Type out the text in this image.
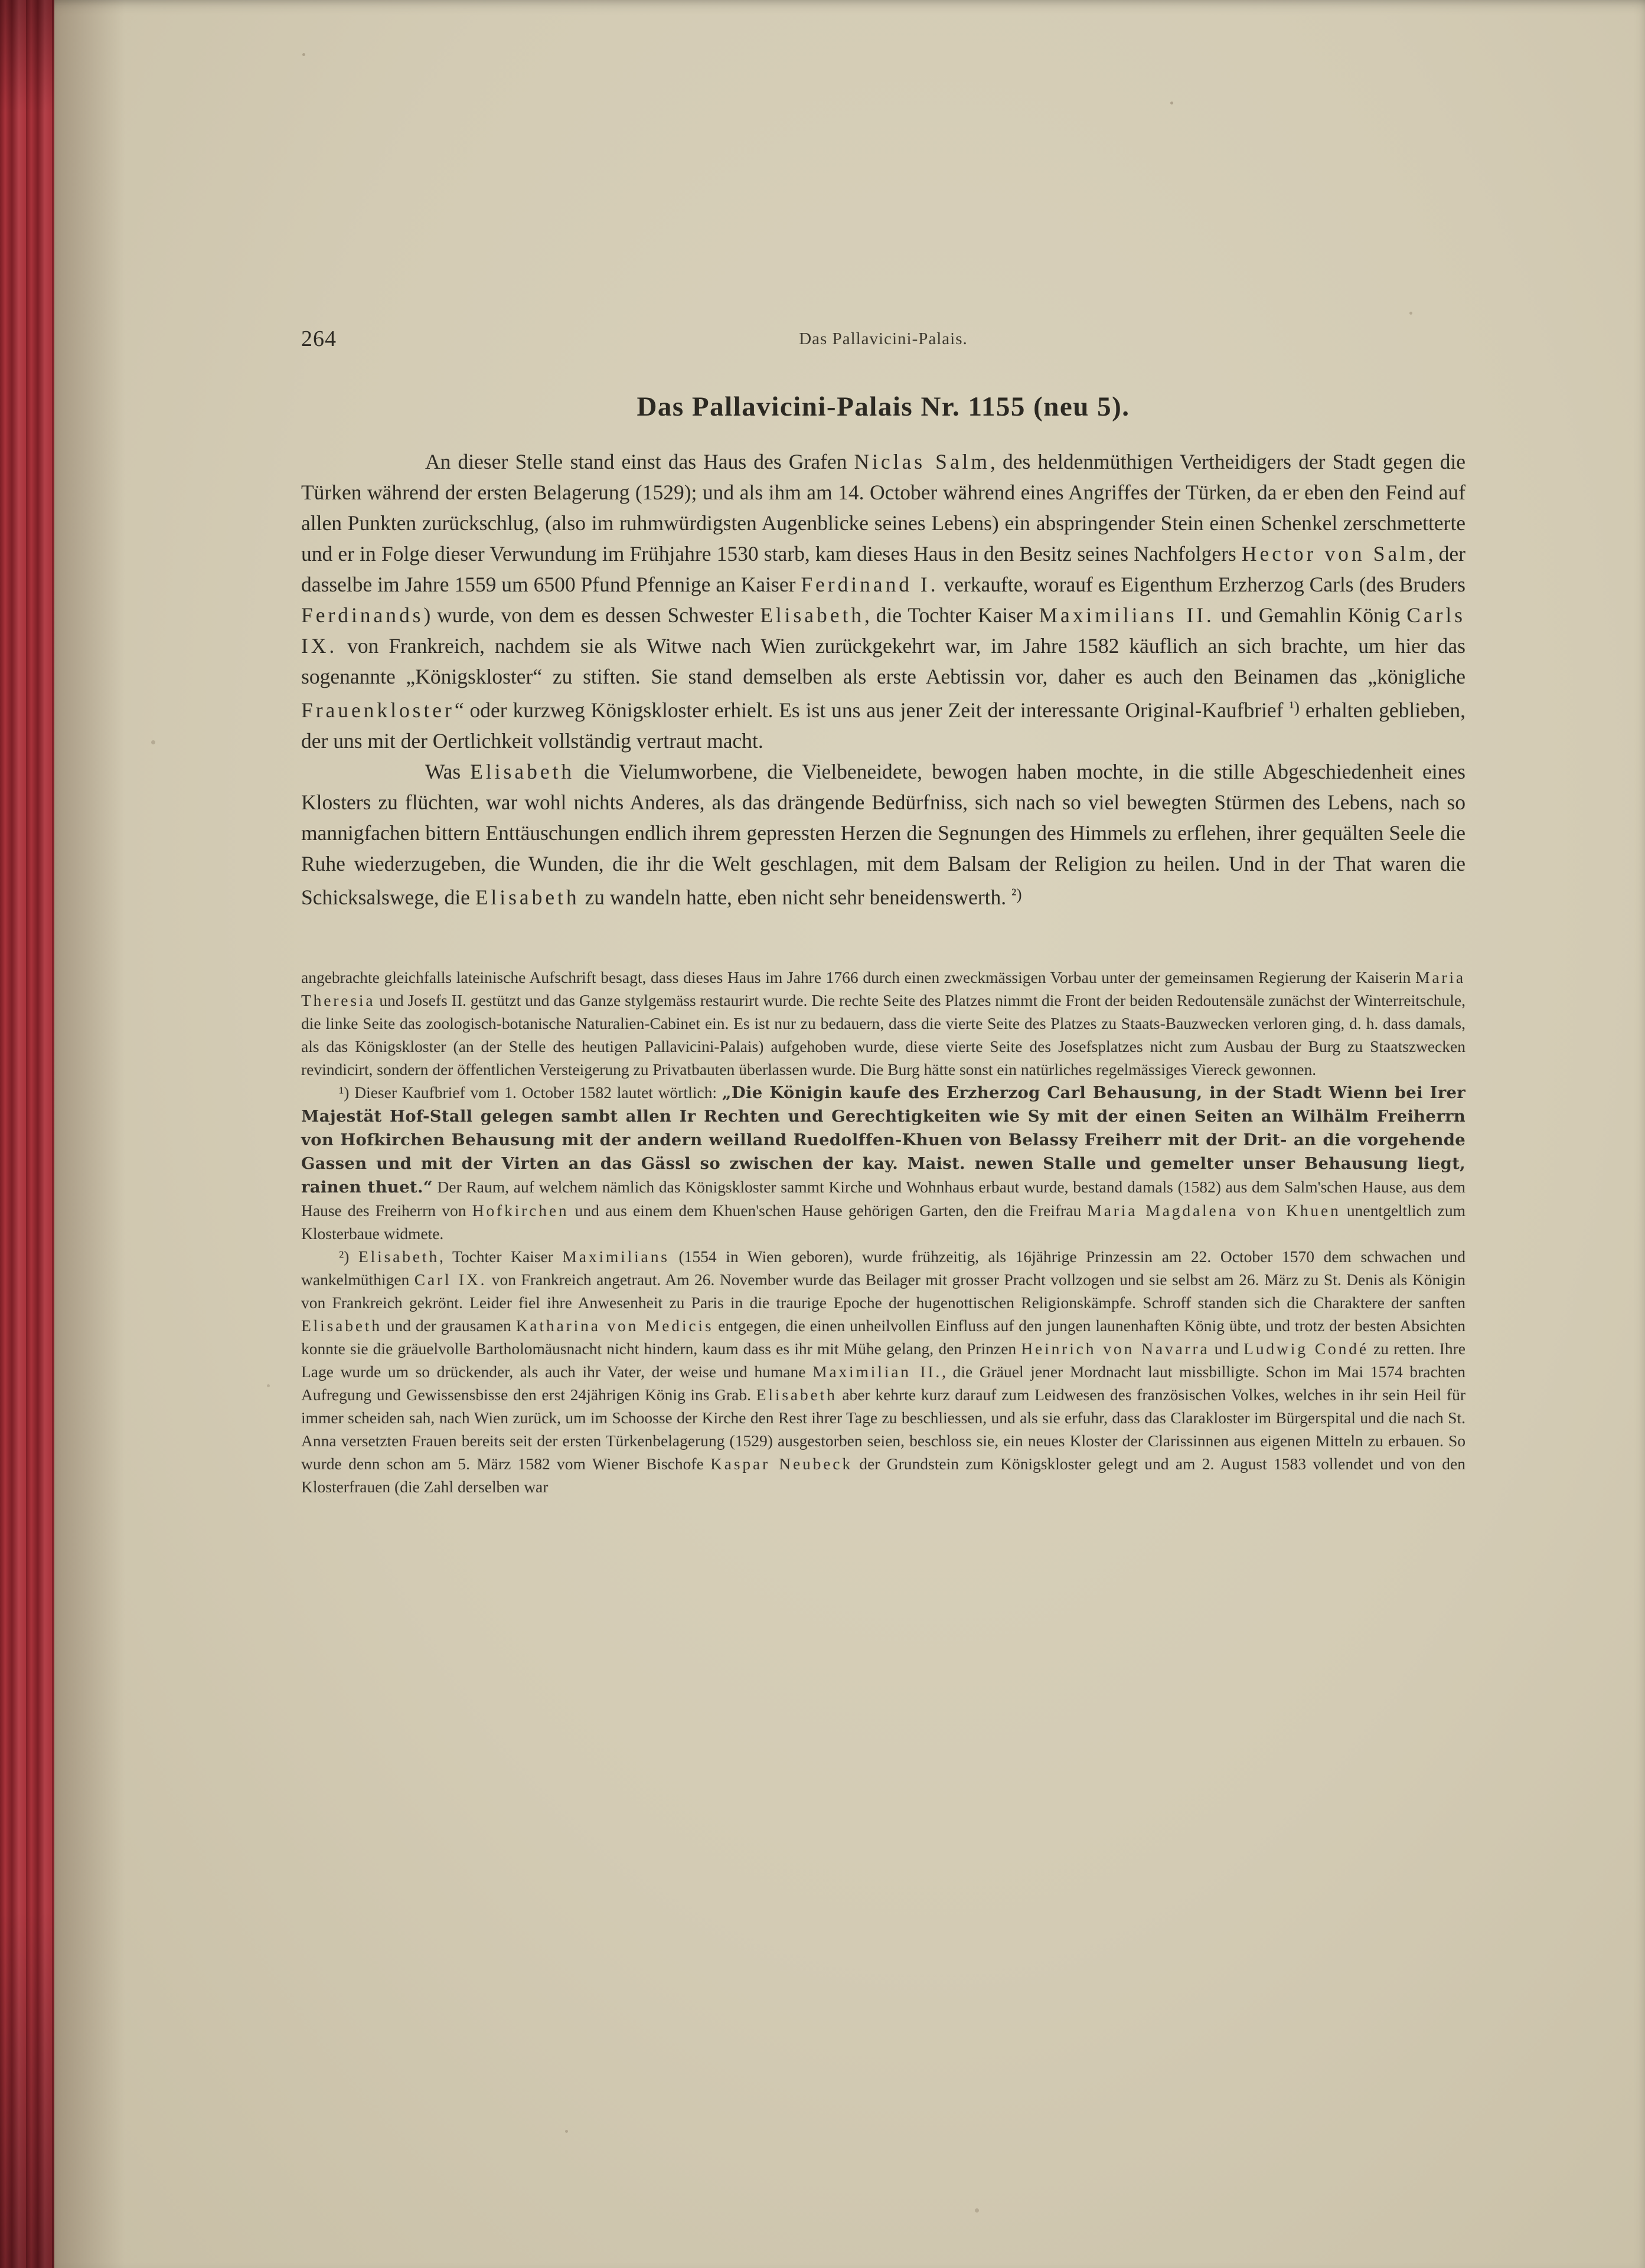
264	Das Pallavicini-Palais.
Das Pallavicini-Palais Nr. 1155 (neu 5).

An dieser Stelle stand einst das Haus des Grafen Niclas Salm, des heldenmüthigen Vertheidigers der Stadt gegen die Türken während der ersten Belagerung (1529); und als ihm am 14. October während eines Angriffes der Türken, da er eben den Feind auf allen Punkten zurückschlug, (also im ruhmwürdigsten Augenblicke seines Lebens) ein abspringender Stein einen Schenkel zerschmetterte und er in Folge dieser Verwundung im Frühjahre 1530 starb, kam dieses Haus in den Besitz seines Nachfolgers Hector von Salm, der dasselbe im Jahre 1559 um 6500 Pfund Pfennige an Kaiser Ferdinand I. verkaufte, worauf es Eigenthum Erzherzog Carls (des Bruders Ferdinands) wurde, von dem es dessen Schwester Elisabeth, die Tochter Kaiser Maximilians II. und Gemahlin König Carls IX. von Frankreich, nachdem sie als Witwe nach Wien zurückgekehrt war, im Jahre 1582 käuflich an sich brachte, um hier das sogenannte „Königskloster“ zu stiften. Sie stand demselben als erste Aebtissin vor, daher es auch den Beinamen das „königliche Frauenkloster“ oder kurzweg Königskloster erhielt. Es ist uns aus jener Zeit der interessante Original-Kaufbrief $^{^1)}$ erhalten geblieben, der uns mit der Oertlichkeit vollständig vertraut macht.

Was Elisabeth die Vielumworbene, die Vielbeneidete, bewogen haben mochte, in die stille Abgeschiedenheit eines Klosters zu flüchten, war wohl nichts Anderes, als das drängende Bedürfniss, sich nach so viel bewegten Stürmen des Lebens, nach so mannigfachen bittern Enttäuschungen endlich ihrem gepressten Herzen die Segnungen des Himmels zu erflehen, ihrer gequälten Seele die Ruhe wiederzugeben, die Wunden, die ihr die Welt geschlagen, mit dem Balsam der Religion zu heilen. Und in der That waren die Schicksalswege, die Elisabeth zu wandeln hatte, eben nicht sehr beneidenswerth. $^{^2)}$

angebrachte gleichfalls lateinische Aufschrift besagt, dass dieses Haus im Jahre 1766 durch einen zweckmässigen Vorbau unter der gemeinsamen Regierung der Kaiserin Maria Theresia und Josefs II. gestützt und das Ganze stylgemäss restaurirt wurde. Die rechte Seite des Platzes nimmt die Front der beiden Redoutensäle zunächst der Winterreitschule, die linke Seite das zoologisch-botanische Naturalien-Cabinet ein. Es ist nur zu bedauern, dass die vierte Seite des Platzes zu Staats-Bauzwecken verloren ging, d. h. dass damals, als das Königskloster (an der Stelle des heutigen Pallavicini-Palais) aufgehoben wurde, diese vierte Seite des Josefsplatzes nicht zum Ausbau der Burg zu Staatszwecken revindicirt, sondern der öffentlichen Versteigerung zu Privatbauten überlassen wurde. Die Burg hätte sonst ein natürliches regelmässiges Viereck gewonnen.

¹) Dieser Kaufbrief vom 1. October 1582 lautet wörtlich: „Die Königin kaufe des Erzherzog Carl Behausung, in der Stadt Wienn bei Irer Majestät Hof-Stall gelegen sambt allen Ir Rechten und Gerechtigkeiten wie Sy mit der einen Seiten an Wilhälm Freiherrn von Hofkirchen Behausung mit der andern weilland Ruedolffen-Khuen von Belassy Freiherr mit der Drit- an die vorgehende Gassen und mit der Virten an das Gässl so zwischen der kay. Maist. newen Stalle und gemelter unser Behausung liegt, rainen thuet.“ Der Raum, auf welchem nämlich das Königskloster sammt Kirche und Wohnhaus erbaut wurde, bestand damals (1582) aus dem Salm'schen Hause, aus dem Hause des Freiherrn von Hofkirchen und aus einem dem Khuen'schen Hause gehörigen Garten, den die Freifrau Maria Magdalena von Khuen unentgeltlich zum Klosterbaue widmete.

²) Elisabeth, Tochter Kaiser Maximilians (1554 in Wien geboren), wurde frühzeitig, als 16jährige Prinzessin am 22. October 1570 dem schwachen und wankelmüthigen Carl IX. von Frankreich angetraut. Am 26. November wurde das Beilager mit grosser Pracht vollzogen und sie selbst am 26. März zu St. Denis als Königin von Frankreich gekrönt. Leider fiel ihre Anwesenheit zu Paris in die traurige Epoche der hugenottischen Religionskämpfe. Schroff standen sich die Charaktere der sanften Elisabeth und der grausamen Katharina von Medicis entgegen, die einen unheilvollen Einfluss auf den jungen launenhaften König übte, und trotz der besten Absichten konnte sie die gräuelvolle Bartholomäusnacht nicht hindern, kaum dass es ihr mit Mühe gelang, den Prinzen Heinrich von Navarra und Ludwig Condé zu retten. Ihre Lage wurde um so drückender, als auch ihr Vater, der weise und humane Maximilian II., die Gräuel jener Mordnacht laut missbilligte. Schon im Mai 1574 brachten Aufregung und Gewissensbisse den erst 24jährigen König ins Grab. Elisabeth aber kehrte kurz darauf zum Leidwesen des französischen Volkes, welches in ihr sein Heil für immer scheiden sah, nach Wien zurück, um im Schoosse der Kirche den Rest ihrer Tage zu beschliessen, und als sie erfuhr, dass das Clarakloster im Bürgerspital und die nach St. Anna versetzten Frauen bereits seit der ersten Türkenbelagerung (1529) ausgestorben seien, beschloss sie, ein neues Kloster der Clarissinnen aus eigenen Mitteln zu erbauen. So wurde denn schon am 5. März 1582 vom Wiener Bischofe Kaspar Neubeck der Grundstein zum Königskloster gelegt und am 2. August 1583 vollendet und von den Klosterfrauen (die Zahl derselben war
